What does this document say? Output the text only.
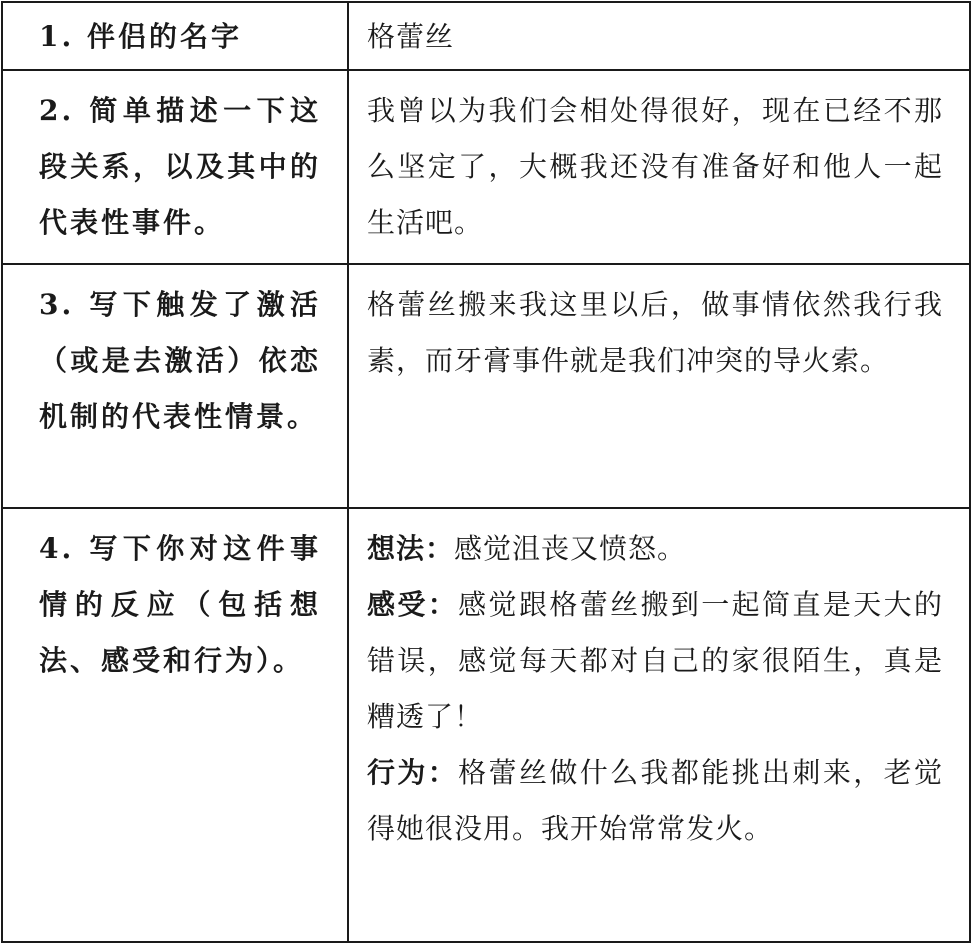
1. 伴侣的名字	格蕾丝
2. 简单描述一下这段关系，以及其中的代表性事件。	我曾以为我们会相处得很好，现在已经不那么坚定了，大概我还没有准备好和他人一起生活吧。
3. 写下触发了激活（或是去激活）依恋机制的代表性情景。	格蕾丝搬来我这里以后，做事情依然我行我素，而牙膏事件就是我们冲突的导火索。
4. 写下你对这件事情的反应（包括想法、感受和行为）。	想法：感觉沮丧又愤怒。

感受：感觉跟格蕾丝搬到一起简直是天大的错误，感觉每天都对自己的家很陌生，真是糟透了！

行为：格蕾丝做什么我都能挑出刺来，老觉得她很没用。我开始常常发火。
